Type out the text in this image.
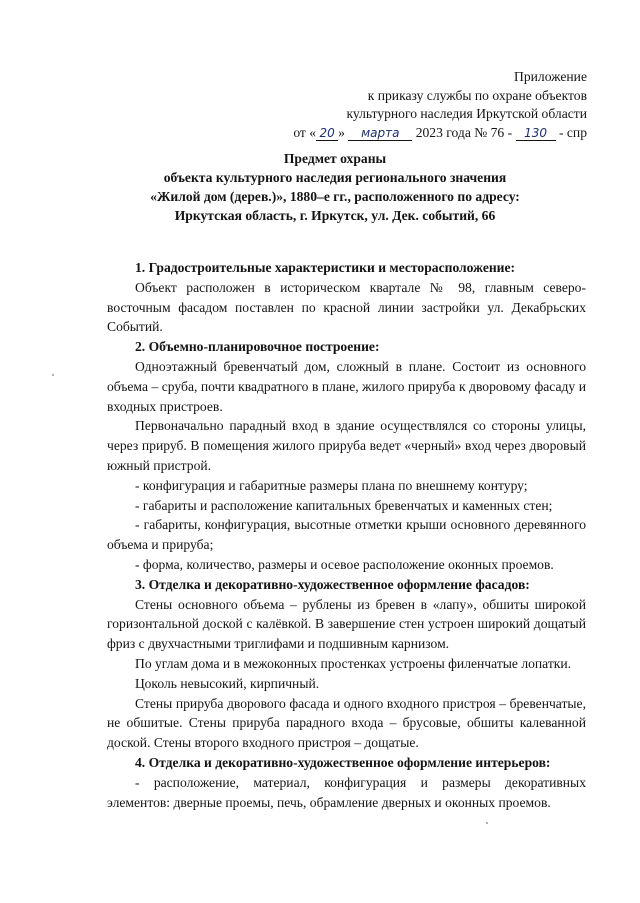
Приложение
к приказу службы по охране объектов
культурного наследия Иркутской области
от « 20 » марта 2023 года № 76 - 130 - спр
Предмет охраны
объекта культурного наследия регионального значения
«Жилой дом (дерев.)», 1880–е гг., расположенного по адресу:
Иркутская область, г. Иркутск, ул. Дек. событий, 66
1. Градостроительные характеристики и месторасположение:

Объект расположен в историческом квартале № 98, главным северо-восточным фасадом поставлен по красной линии застройки ул. Декабрьских Событий.

2. Объемно-планировочное построение:

Одноэтажный бревенчатый дом, сложный в плане. Состоит из основного объема – сруба, почти квадратного в плане, жилого прируба к дворовому фасаду и входных пристроев.

Первоначально парадный вход в здание осуществлялся со стороны улицы, через прируб. В помещения жилого прируба ведет «черный» вход через дворовый южный пристрой.

- конфигурация и габаритные размеры плана по внешнему контуру;

- габариты и расположение капитальных бревенчатых и каменных стен;

- габариты, конфигурация, высотные отметки крыши основного деревянного объема и прируба;

- форма, количество, размеры и осевое расположение оконных проемов.

3. Отделка и декоративно-художественное оформление фасадов:

Стены основного объема – рублены из бревен в «лапу», обшиты широкой горизонтальной доской с калёвкой. В завершение стен устроен широкий дощатый фриз с двухчастными триглифами и подшивным карнизом.

По углам дома и в межоконных простенках устроены филенчатые лопатки.

Цоколь невысокий, кирпичный.

Стены прируба дворового фасада и одного входного пристроя – бревенчатые, не обшитые. Стены прируба парадного входа – брусовые, обшиты калеванной доской. Стены второго входного пристроя – дощатые.

4. Отделка и декоративно-художественное оформление интерьеров:

- расположение, материал, конфигурация и размеры декоративных элементов: дверные проемы, печь, обрамление дверных и оконных проемов.
